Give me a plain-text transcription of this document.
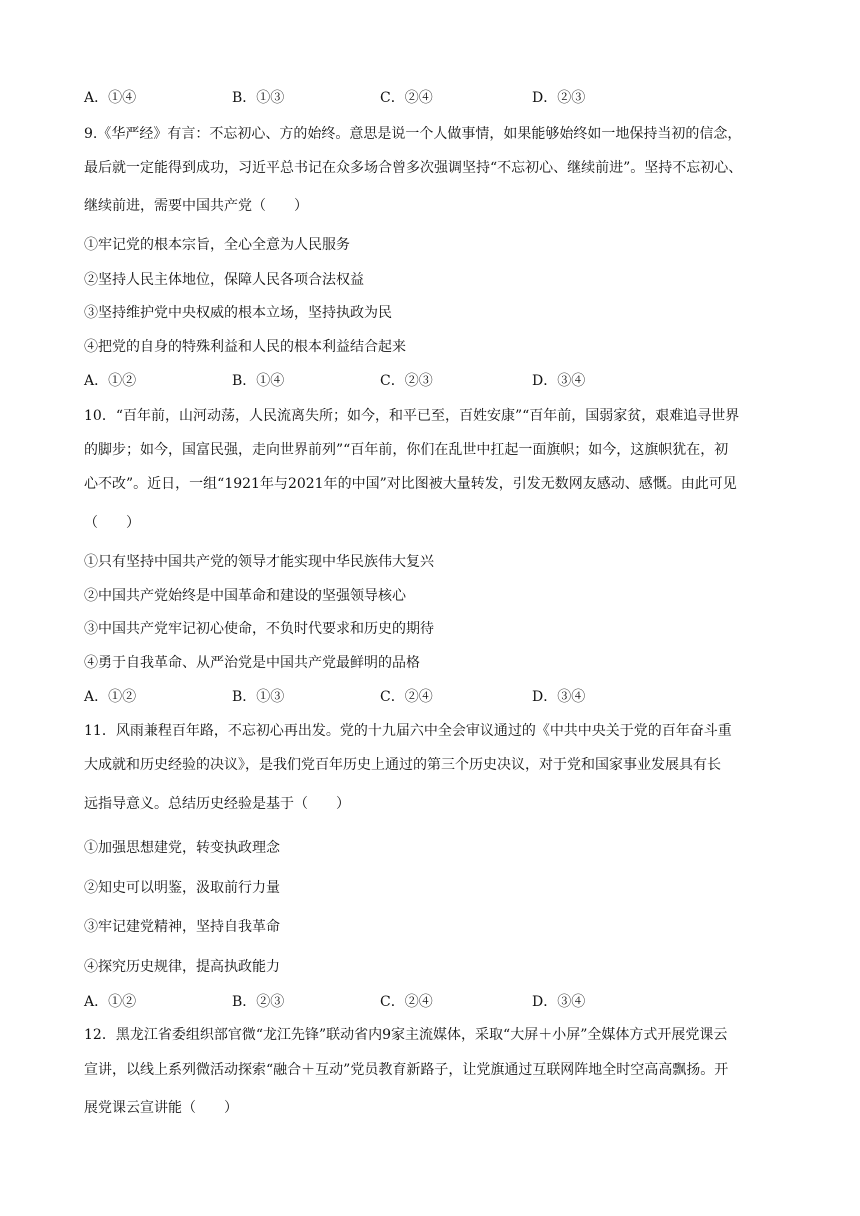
A．①④	B．①③	C．②④	D．②③
9.《华严经》有言：不忘初心、方的始终。意思是说一个人做事情，如果能够始终如一地保持当初的信念，
最后就一定能得到成功，习近平总书记在众多场合曾多次强调坚持“不忘初心、继续前进”。坚持不忘初心、
继续前进，需要中国共产党（　　）
①牢记党的根本宗旨，全心全意为人民服务
②坚持人民主体地位，保障人民各项合法权益
③坚持维护党中央权威的根本立场，坚持执政为民
④把党的自身的特殊利益和人民的根本利益结合起来
A．①②	B．①④	C．②③	D．③④
10．“百年前，山河动荡，人民流离失所；如今，和平已至，百姓安康”“百年前，国弱家贫，艰难追寻世界
的脚步；如今，国富民强，走向世界前列”“百年前，你们在乱世中扛起一面旗帜；如今，这旗帜犹在，初
心不改”。近日，一组“1921年与2021年的中国”对比图被大量转发，引发无数网友感动、感慨。由此可见
（　　）
①只有坚持中国共产党的领导才能实现中华民族伟大复兴
②中国共产党始终是中国革命和建设的坚强领导核心
③中国共产党牢记初心使命，不负时代要求和历史的期待
④勇于自我革命、从严治党是中国共产党最鲜明的品格
A．①②	B．①③	C．②④	D．③④
11．风雨兼程百年路，不忘初心再出发。党的十九届六中全会审议通过的《中共中央关于党的百年奋斗重
大成就和历史经验的决议》，是我们党百年历史上通过的第三个历史决议，对于党和国家事业发展具有长
远指导意义。总结历史经验是基于（　　）
①加强思想建党，转变执政理念
②知史可以明鉴，汲取前行力量
③牢记建党精神，坚持自我革命
④探究历史规律，提高执政能力
A．①②	B．②③	C．②④	D．③④
12．黑龙江省委组织部官微“龙江先锋”联动省内9家主流媒体，采取“大屏＋小屏”全媒体方式开展党课云
宣讲，以线上系列微活动探索“融合＋互动”党员教育新路子，让党旗通过互联网阵地全时空高高飘扬。开
展党课云宣讲能（　　）
